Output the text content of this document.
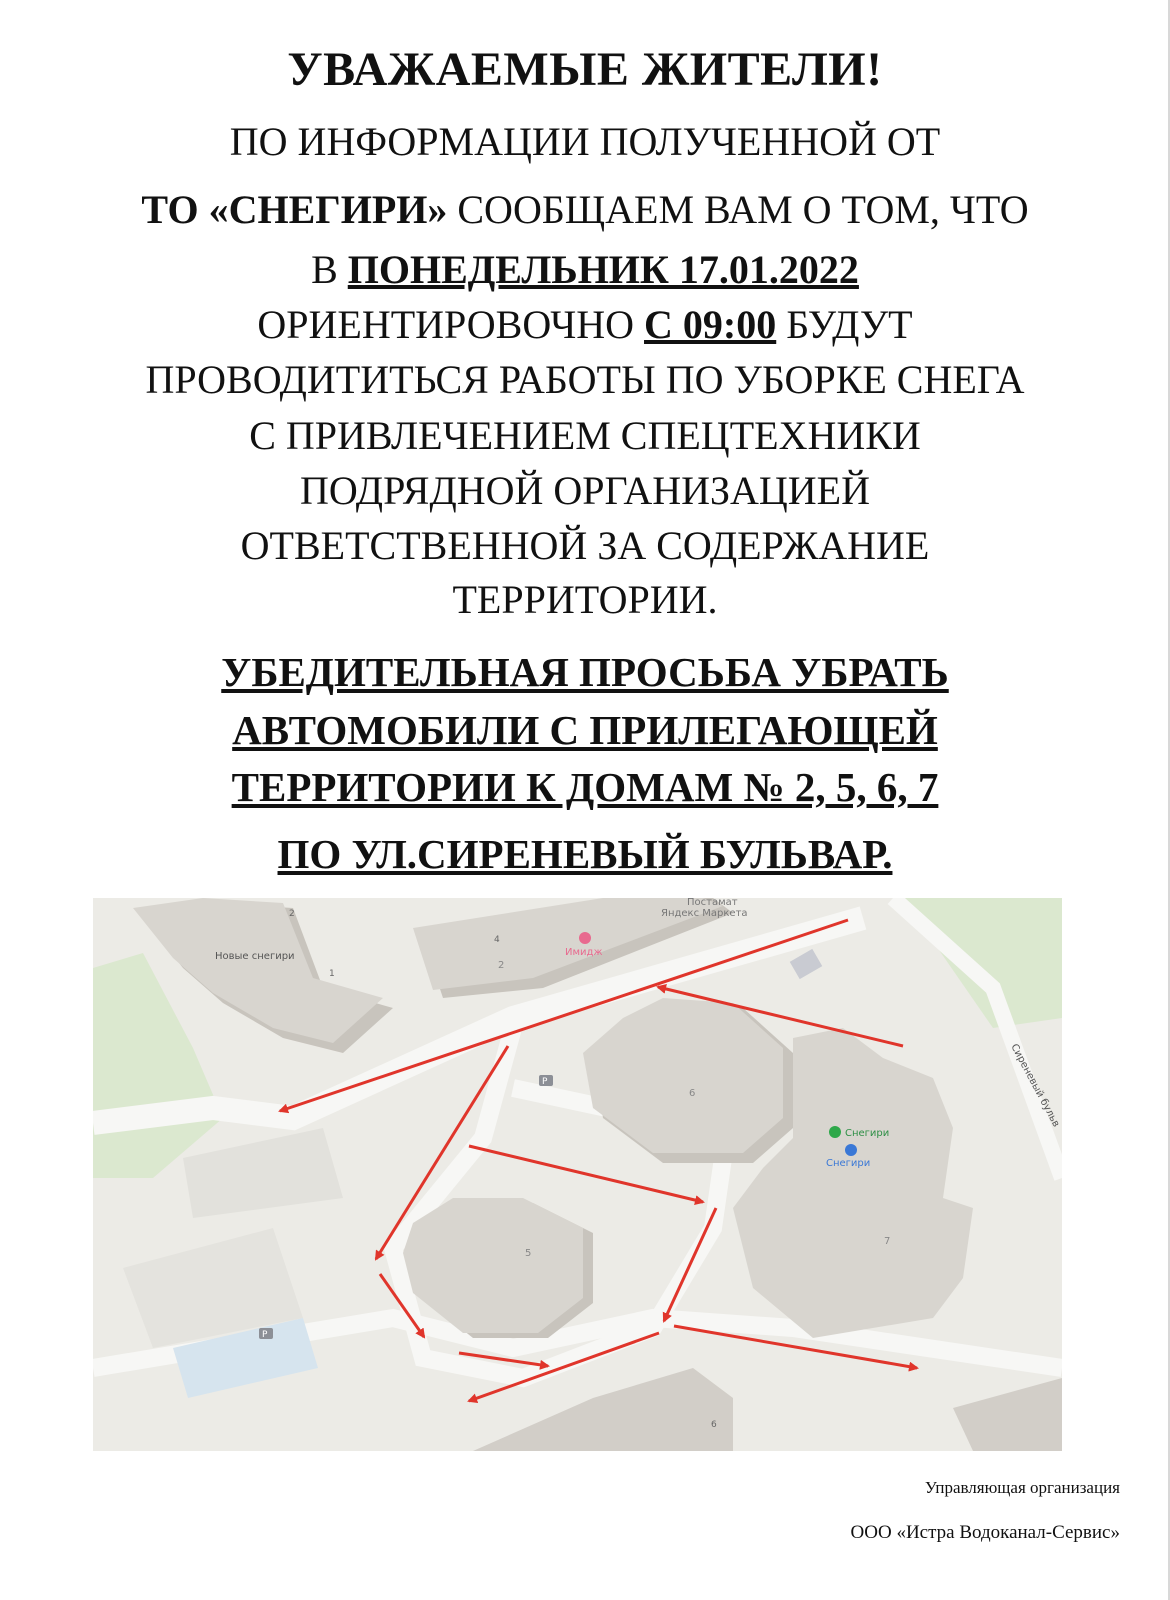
УВАЖАЕМЫЕ ЖИТЕЛИ!
ПО ИНФОРМАЦИИ ПОЛУЧЕННОЙ ОТ
ТО «СНЕГИРИ» СООБЩАЕМ ВАМ О ТОМ, ЧТО
В ПОНЕДЕЛЬНИК 17.01.2022
ОРИЕНТИРОВОЧНО С 09:00 БУДУТ
ПРОВОДИТИТЬСЯ РАБОТЫ ПО УБОРКЕ СНЕГА
С ПРИВЛЕЧЕНИЕМ СПЕЦТЕХНИКИ
ПОДРЯДНОЙ ОРГАНИЗАЦИЕЙ
ОТВЕТСТВЕННОЙ ЗА СОДЕРЖАНИЕ
ТЕРРИТОРИИ.
УБЕДИТЕЛЬНАЯ ПРОСЬБА УБРАТЬ
АВТОМОБИЛИ С ПРИЛЕГАЮЩЕЙ
ТЕРРИТОРИИ К ДОМАМ № 2, 5, 6, 7
ПО УЛ.СИРЕНЕВЫЙ БУЛЬВАР.
Новые снегири
Постамат
Яндекс Маркета
Имидж
Снегири
Снегири
Сиреневый бульв
2
6
7
5
2
1
4
6
P
P
Управляющая организация
ООО «Истра Водоканал-Сервис»
